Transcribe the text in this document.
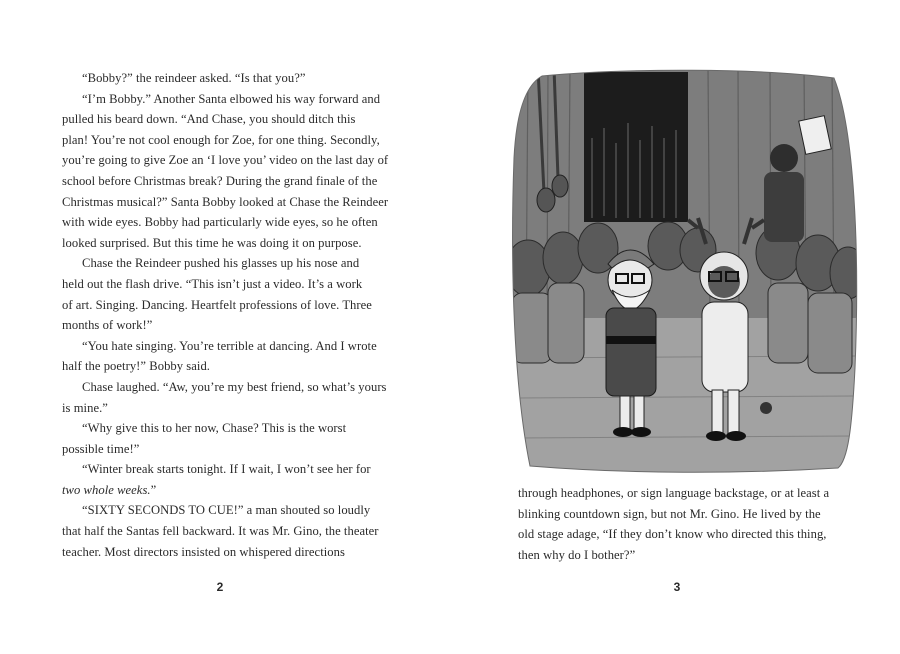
“Bobby?” the reindeer asked. “Is that you?”

“I’m Bobby.” Another Santa elbowed his way forward and

pulled his beard down. “And Chase, you should ditch this

plan! You’re not cool enough for Zoe, for one thing. Secondly,

you’re going to give Zoe an ‘I love you’ video on the last day of

school before Christmas break? During the grand finale of the

Christmas musical?” Santa Bobby looked at Chase the Reindeer

with wide eyes. Bobby had particularly wide eyes, so he often

looked surprised. But this time he was doing it on purpose.

Chase the Reindeer pushed his glasses up his nose and

held out the flash drive. “This isn’t just a video. It’s a work

of art. Singing. Dancing. Heartfelt professions of love. Three

months of work!”

“You hate singing. You’re terrible at dancing. And I wrote

half the poetry!” Bobby said.

Chase laughed. “Aw, you’re my best friend, so what’s yours

is mine.”

“Why give this to her now, Chase? This is the worst

possible time!”

“Winter break starts tonight. If I wait, I won’t see her for

two whole weeks.”

“SIXTY SECONDS TO CUE!” a man shouted so loudly

that half the Santas fell backward. It was Mr. Gino, the theater

teacher. Most directors insisted on whispered directions

2

through headphones, or sign language backstage, or at least a

blinking countdown sign, but not Mr. Gino. He lived by the

old stage adage, “If they don’t know who directed this thing,

then why do I bother?”

3
